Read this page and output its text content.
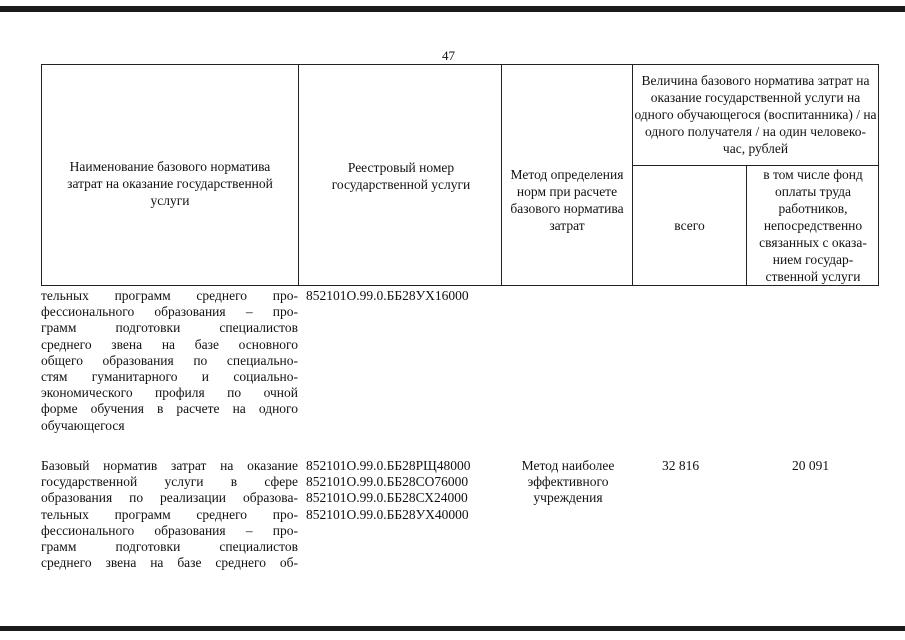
47
Наименование базового норматива затрат на оказание государственной услуги
Реестровый номер государственной услуги
Метод определения норм при расчете базового норматива затрат
Величина базового норматива затрат на оказание государственной услуги на одного обучающегося (воспитанника) / на одного получателя / на один человеко-час, рублей
всего
в том числе фонд оплаты труда работников, непосредственно связанных с оказа-нием государ-ственной услуги

тельных программ среднего про-

фессионального образования – про-

грамм подготовки специалистов

среднего звена на базе основного

общего образования по специально-

стям гуманитарного и социально-

экономического профиля по очной

форме обучения в расчете на одного

обучающегося

852101О.99.0.ББ28УХ16000

Базовый норматив затрат на оказание

государственной услуги в сфере

образования по реализации образова-

тельных программ среднего про-

фессионального образования – про-

грамм подготовки специалистов

среднего звена на базе среднего об-

852101О.99.0.ББ28РЩ48000
852101О.99.0.ББ28СО76000
852101О.99.0.ББ28СХ24000
852101О.99.0.ББ28УХ40000
Метод наиболее эффективного учреждения
32 816	20 091
